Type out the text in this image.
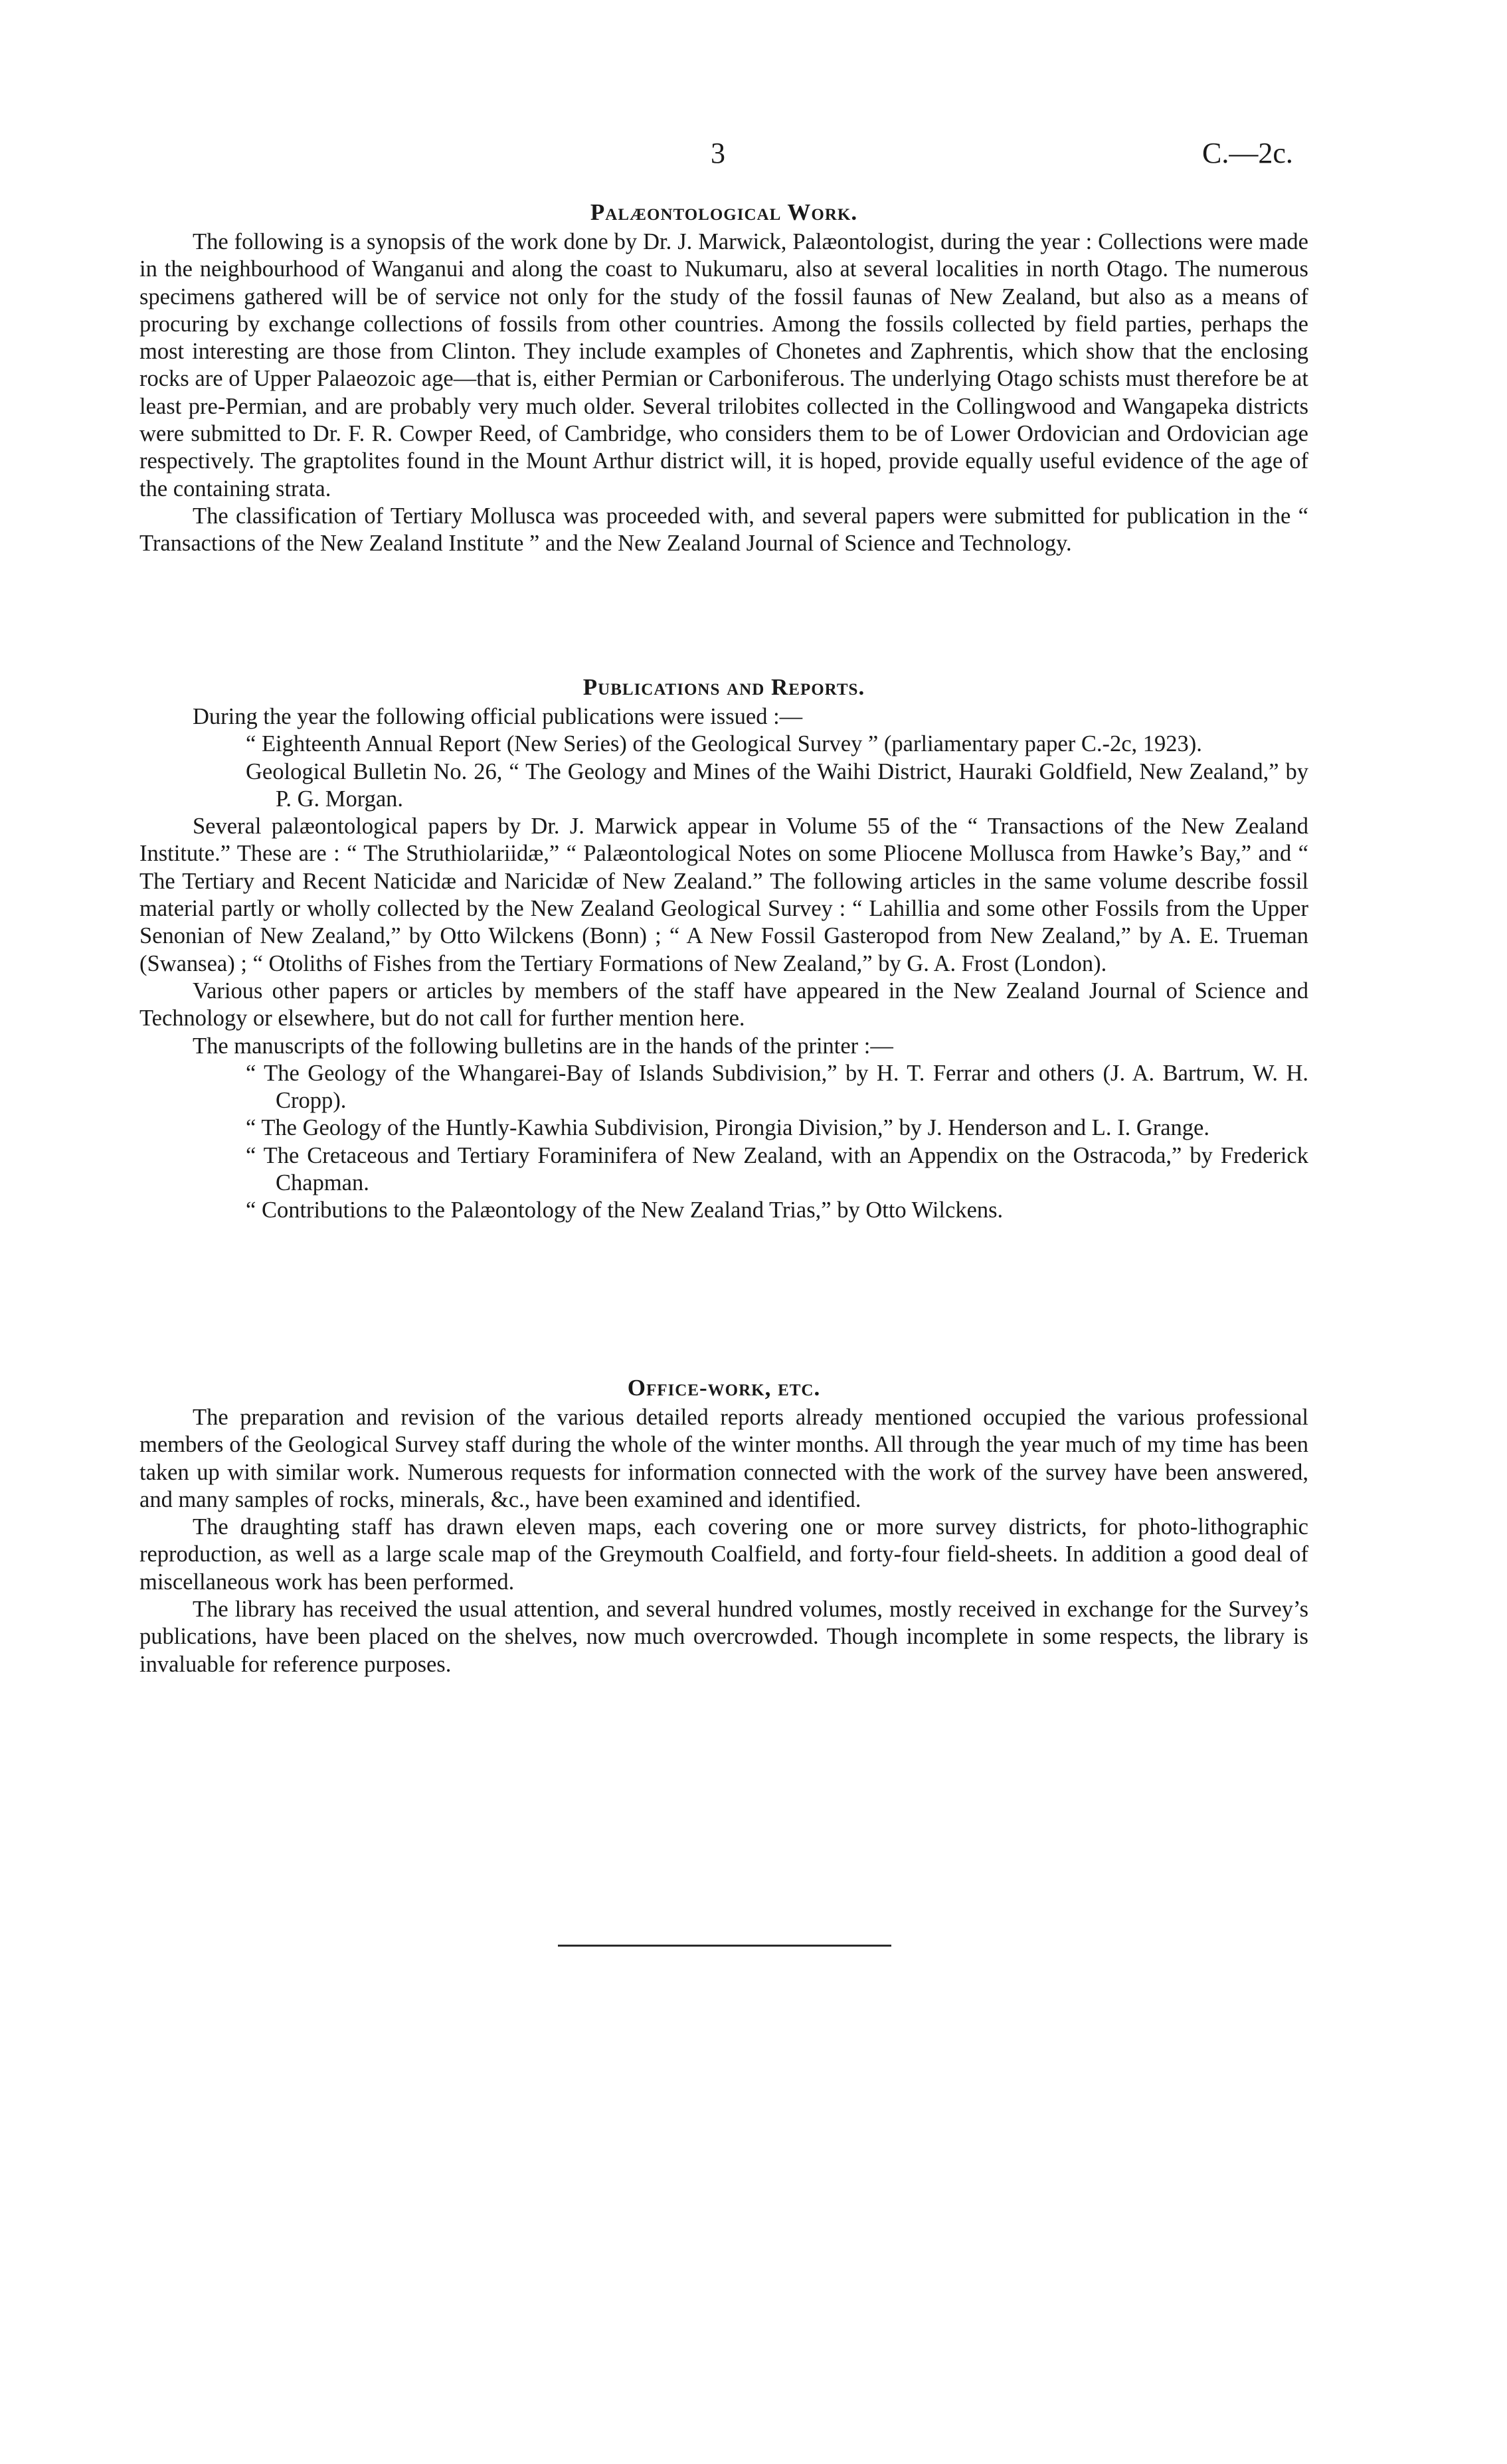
3	C.—2c.
Palæontological Work.

The following is a synopsis of the work done by Dr. J. Marwick, Palæontologist, during the year : Collections were made in the neighbourhood of Wanganui and along the coast to Nukumaru, also at several localities in north Otago. The numerous specimens gathered will be of service not only for the study of the fossil faunas of New Zealand, but also as a means of procuring by exchange collections of fossils from other countries. Among the fossils collected by field parties, perhaps the most interesting are those from Clinton. They include examples of Chonetes and Zaphrentis, which show that the enclosing rocks are of Upper Palaeozoic age—that is, either Permian or Carboniferous. The underlying Otago schists must therefore be at least pre-Permian, and are probably very much older. Several trilobites collected in the Collingwood and Wangapeka districts were submitted to Dr. F. R. Cowper Reed, of Cambridge, who considers them to be of Lower Ordovician and Ordovician age respectively. The graptolites found in the Mount Arthur district will, it is hoped, provide equally useful evidence of the age of the containing strata.

The classification of Tertiary Mollusca was proceeded with, and several papers were submitted for publication in the “ Transactions of the New Zealand Institute ” and the New Zealand Journal of Science and Technology.

Publications and Reports.

During the year the following official publications were issued :—

“ Eighteenth Annual Report (New Series) of the Geological Survey ” (parliamentary paper C.-2c, 1923).
Geological Bulletin No. 26, “ The Geology and Mines of the Waihi District, Hauraki Goldfield, New Zealand,” by P. G. Morgan.

Several palæontological papers by Dr. J. Marwick appear in Volume 55 of the “ Transactions of the New Zealand Institute.” These are : “ The Struthiolariidæ,” “ Palæontological Notes on some Pliocene Mollusca from Hawke’s Bay,” and “ The Tertiary and Recent Naticidæ and Naricidæ of New Zealand.” The following articles in the same volume describe fossil material partly or wholly collected by the New Zealand Geological Survey : “ Lahillia and some other Fossils from the Upper Senonian of New Zealand,” by Otto Wilckens (Bonn) ; “ A New Fossil Gasteropod from New Zealand,” by A. E. Trueman (Swansea) ; “ Otoliths of Fishes from the Tertiary Formations of New Zealand,” by G. A. Frost (London).

Various other papers or articles by members of the staff have appeared in the New Zealand Journal of Science and Technology or elsewhere, but do not call for further mention here.

The manuscripts of the following bulletins are in the hands of the printer :—

“ The Geology of the Whangarei-Bay of Islands Subdivision,” by H. T. Ferrar and others (J. A. Bartrum, W. H. Cropp).
“ The Geology of the Huntly-Kawhia Subdivision, Pirongia Division,” by J. Henderson and L. I. Grange.
“ The Cretaceous and Tertiary Foraminifera of New Zealand, with an Appendix on the Ostracoda,” by Frederick Chapman.
“ Contributions to the Palæontology of the New Zealand Trias,” by Otto Wilckens.
Office-work, etc.

The preparation and revision of the various detailed reports already mentioned occupied the various professional members of the Geological Survey staff during the whole of the winter months. All through the year much of my time has been taken up with similar work. Numerous requests for information connected with the work of the survey have been answered, and many samples of rocks, minerals, &c., have been examined and identified.

The draughting staff has drawn eleven maps, each covering one or more survey districts, for photo-lithographic reproduction, as well as a large scale map of the Greymouth Coalfield, and forty-four field-sheets. In addition a good deal of miscellaneous work has been performed.

The library has received the usual attention, and several hundred volumes, mostly received in exchange for the Survey’s publications, have been placed on the shelves, now much overcrowded. Though incomplete in some respects, the library is invaluable for reference purposes.
